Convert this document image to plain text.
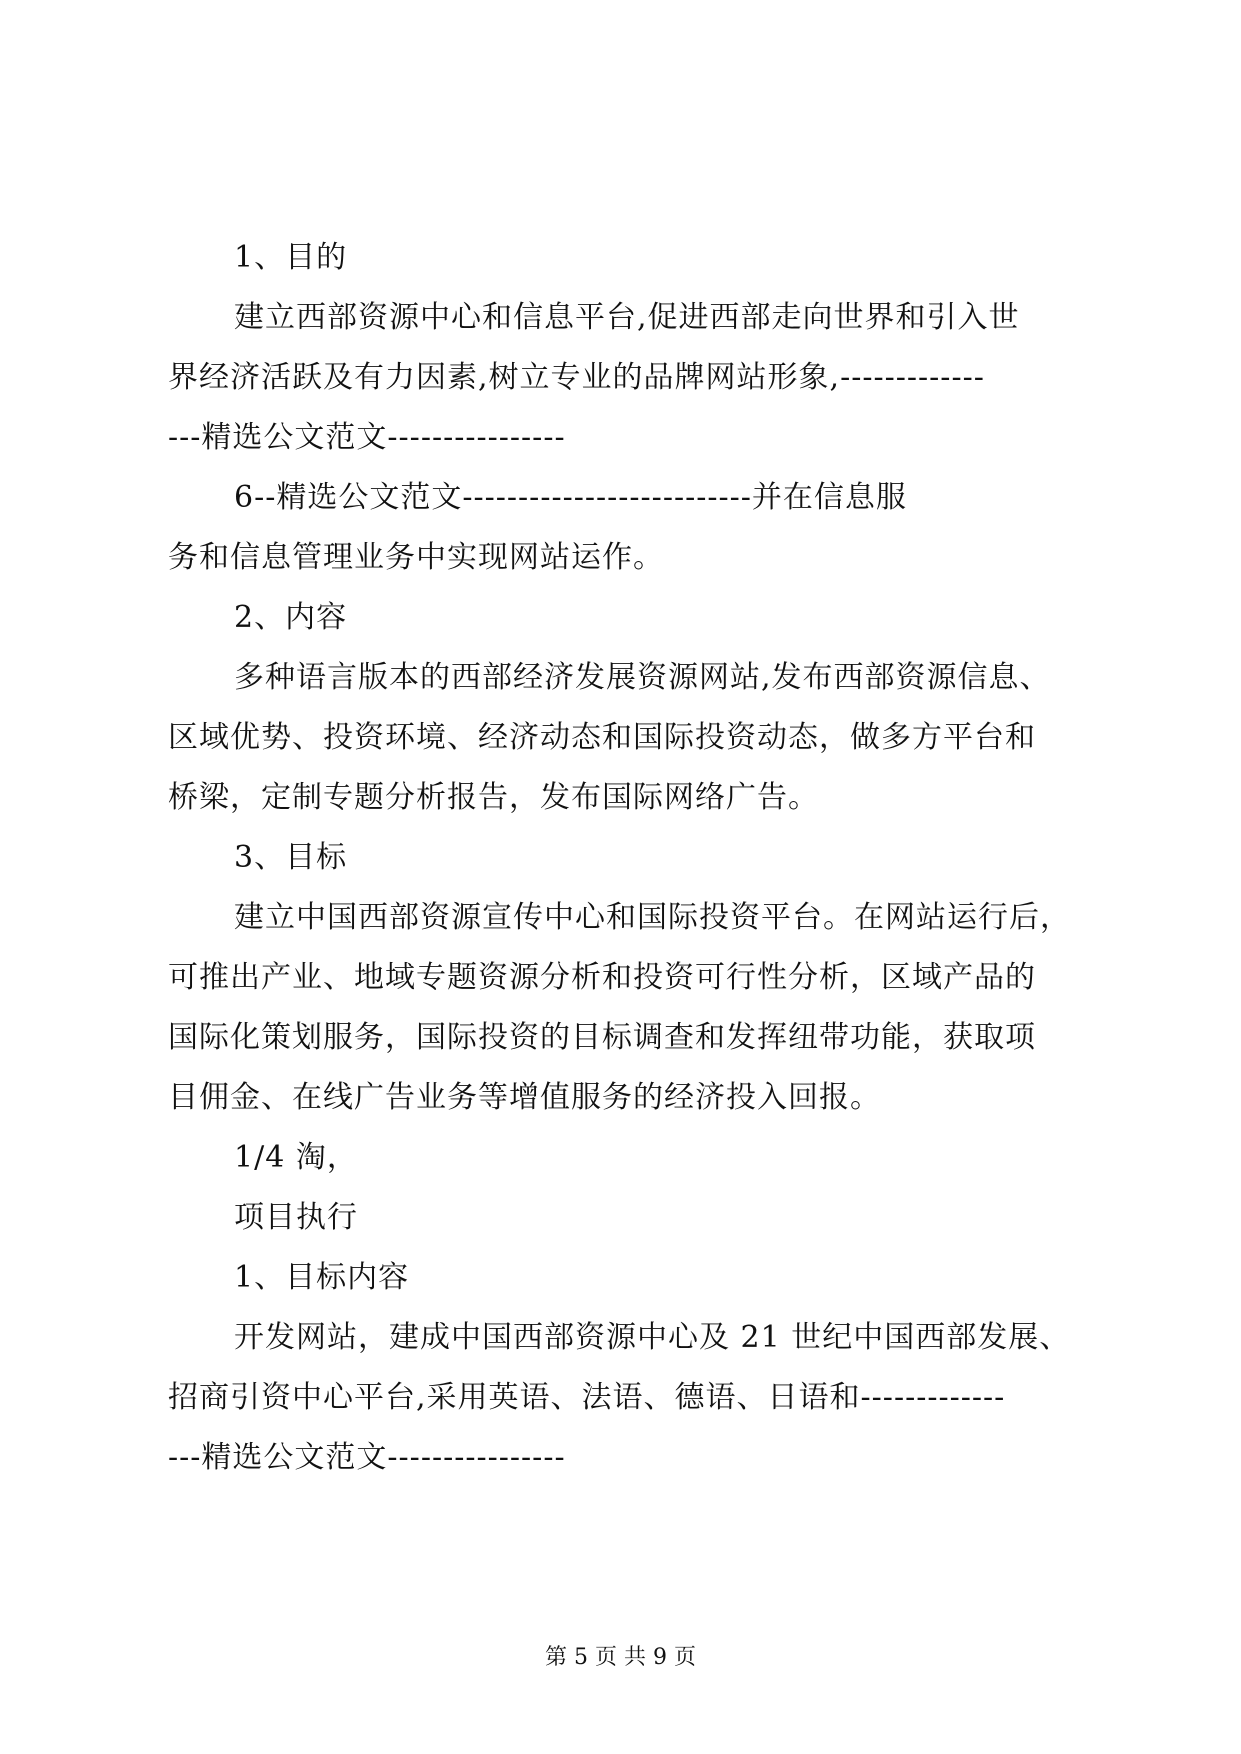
1、目的

建立西部资源中心和信息平台,促进西部走向世界和引入世

界经济活跃及有力因素,树立专业的品牌网站形象,-------------

---精选公文范文----------------

6--精选公文范文--------------------------并在信息服

务和信息管理业务中实现网站运作。

2、内容

多种语言版本的西部经济发展资源网站,发布西部资源信息、

区域优势、投资环境、经济动态和国际投资动态，做多方平台和

桥梁，定制专题分析报告，发布国际网络广告。

3、目标

建立中国西部资源宣传中心和国际投资平台。在网站运行后，

可推出产业、地域专题资源分析和投资可行性分析，区域产品的

国际化策划服务，国际投资的目标调查和发挥纽带功能，获取项

目佣金、在线广告业务等增值服务的经济投入回报。

1/4 淘，

项目执行

1、目标内容

开发网站，建成中国西部资源中心及 21 世纪中国西部发展、

招商引资中心平台,采用英语、法语、德语、日语和-------------

---精选公文范文----------------

第 5 页 共 9 页
